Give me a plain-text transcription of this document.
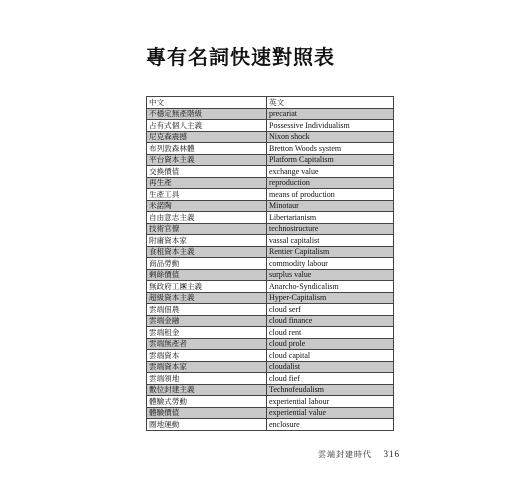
專有名詞快速對照表
中文	英文
不穩定無產階級	precariat
占有式個人主義	Possessive Individualism
尼克森震撼	Nixon shock
布列敦森林體	Bretton Woods system
平台資本主義	Platform Capitalism
交換價值	exchange value
再生產	reproduction
生產工具	means of production
米諾陶	Minotaur
自由意志主義	Libertarianism
技術官僚	technostructure
附庸資本家	vassal capitalist
食租資本主義	Rentier Capitalism
商品勞動	commodity labour
剩餘價值	surplus value
無政府工團主義	Anarcho-Syndicalism
超級資本主義	Hyper-Capitalism
雲端佃農	cloud serf
雲端金融	cloud finance
雲端租金	cloud rent
雲端無產者	cloud prole
雲端資本	cloud capital
雲端資本家	cloudalist
雲端領地	cloud fief
數位封建主義	Technofeudalism
體驗式勞動	experiential labour
體驗價值	experiential value
圈地運動	enclosure
雲端封建時代 316
